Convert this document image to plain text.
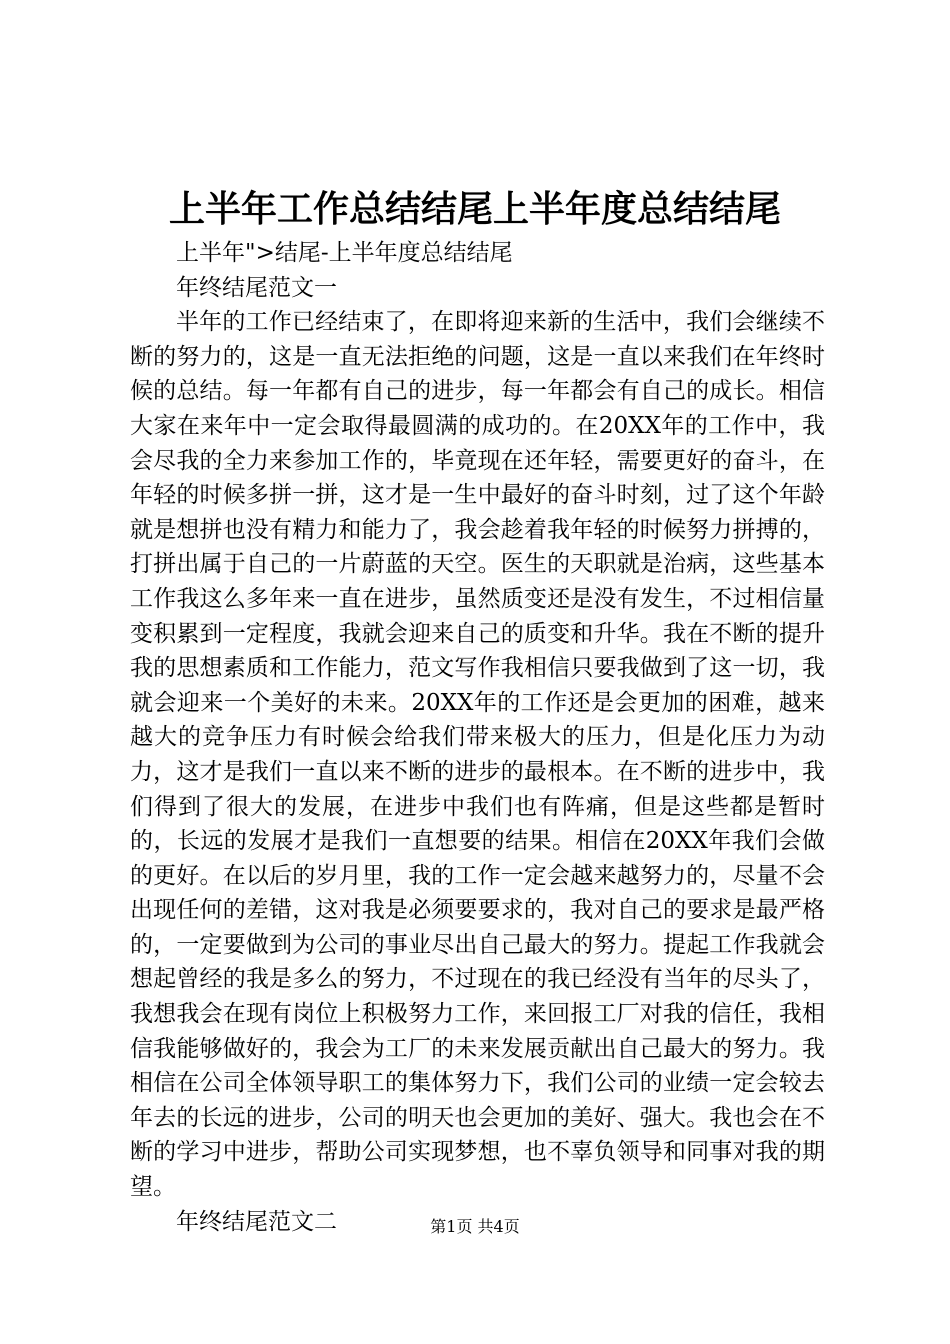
上半年工作总结结尾上半年度总结结尾

上半年">结尾-上半年度总结结尾

年终结尾范文一

半年的工作已经结束了，在即将迎来新的生活中，我们会继续不断的努力的，这是一直无法拒绝的问题，这是一直以来我们在年终时候的总结。每一年都有自己的进步，每一年都会有自己的成长。相信大家在来年中一定会取得最圆满的成功的。在20XX年的工作中，我会尽我的全力来参加工作的，毕竟现在还年轻，需要更好的奋斗，在年轻的时候多拼一拼，这才是一生中最好的奋斗时刻，过了这个年龄就是想拼也没有精力和能力了，我会趁着我年轻的时候努力拼搏的，打拼出属于自己的一片蔚蓝的天空。医生的天职就是治病，这些基本工作我这么多年来一直在进步，虽然质变还是没有发生，不过相信量变积累到一定程度，我就会迎来自己的质变和升华。我在不断的提升我的思想素质和工作能力，范文写作我相信只要我做到了这一切，我就会迎来一个美好的未来。20XX年的工作还是会更加的困难，越来越大的竞争压力有时候会给我们带来极大的压力，但是化压力为动力，这才是我们一直以来不断的进步的最根本。在不断的进步中，我们得到了很大的发展，在进步中我们也有阵痛，但是这些都是暂时的，长远的发展才是我们一直想要的结果。相信在20XX年我们会做的更好。在以后的岁月里，我的工作一定会越来越努力的，尽量不会出现任何的差错，这对我是必须要要求的，我对自己的要求是最严格的，一定要做到为公司的事业尽出自己最大的努力。提起工作我就会想起曾经的我是多么的努力，不过现在的我已经没有当年的尽头了，我想我会在现有岗位上积极努力工作，来回报工厂对我的信任，我相信我能够做好的，我会为工厂的未来发展贡献出自己最大的努力。我相信在公司全体领导职工的集体努力下，我们公司的业绩一定会较去年去的长远的进步，公司的明天也会更加的美好、强大。我也会在不断的学习中进步，帮助公司实现梦想，也不辜负领导和同事对我的期望。

年终结尾范文二	第1页 共4页
